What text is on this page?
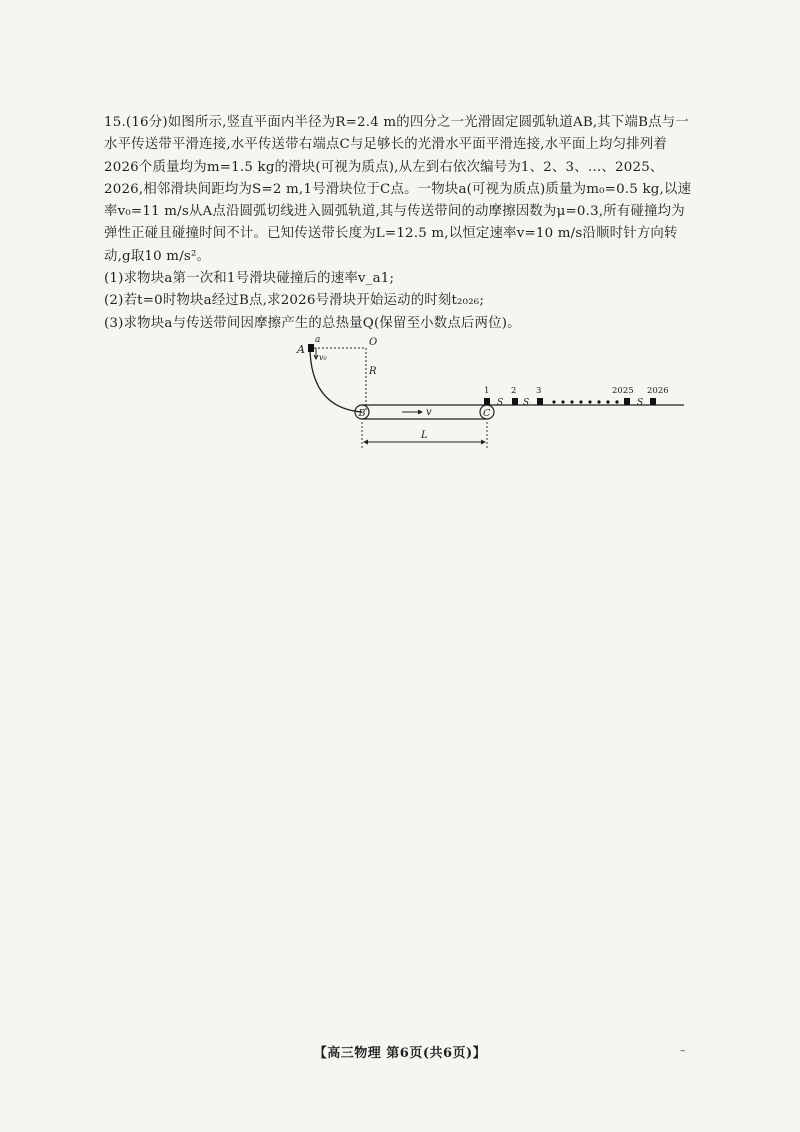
15.(16分)如图所示,竖直平面内半径为R=2.4 m的四分之一光滑固定圆弧轨道AB,其下端B点与一水平传送带平滑连接,水平传送带右端点C与足够长的光滑水平面平滑连接,水平面上均匀排列着2026个质量均为m=1.5 kg的滑块(可视为质点),从左到右依次编号为1、2、3、…、2025、2026,相邻滑块间距均为S=2 m,1号滑块位于C点。一物块a(可视为质点)质量为m₀=0.5 kg,以速率v₀=11 m/s从A点沿圆弧切线进入圆弧轨道,其与传送带间的动摩擦因数为μ=0.3,所有碰撞均为弹性正碰且碰撞时间不计。已知传送带长度为L=12.5 m,以恒定速率v=10 m/s沿顺时针方向转动,g取10 m/s²。

(1)求物块a第一次和1号滑块碰撞后的速率v_a1;

(2)若t=0时物块a经过B点,求2026号滑块开始运动的时刻t₂₀₂₆;

(3)求物块a与传送带间因摩擦产生的总热量Q(保留至小数点后两位)。

A
a
v₀
O
R
B	C
v
L
1
S
2
S
3	2025
S
2026
【高三物理 第6页(共6页)】	–
